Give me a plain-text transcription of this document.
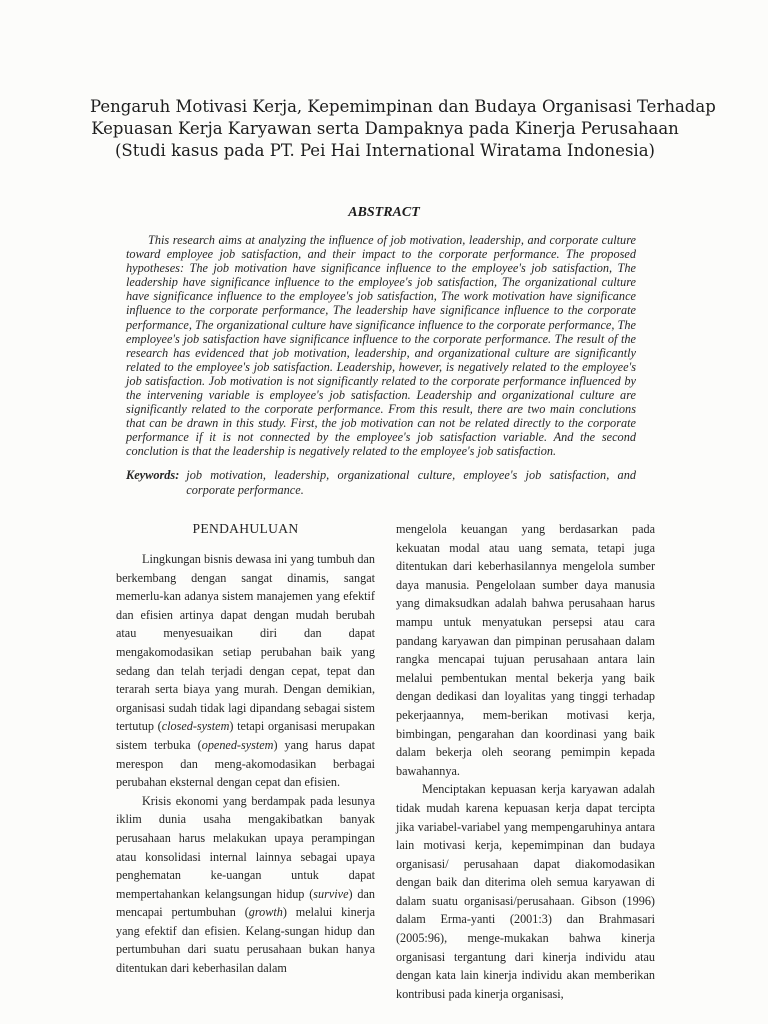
Pengaruh Motivasi Kerja, Kepemimpinan dan Budaya Organisasi Terhadap
Kepuasan Kerja Karyawan serta Dampaknya pada Kinerja Perusahaan
(Studi kasus pada PT. Pei Hai International Wiratama Indonesia)
ABSTRACT

This research aims at analyzing the influence of job motivation, leadership, and corporate culture toward employee job satisfaction, and their impact to the corporate performance. The proposed hypotheses: The job motivation have significance influence to the employee's job satisfaction, The leadership have significance influence to the employee's job satisfaction, The organizational culture have significance influence to the employee's job satisfaction, The work motivation have significance influence to the corporate performance, The leadership have significance influence to the corporate performance, The organizational culture have significance influence to the corporate performance, The employee's job satisfaction have significance influence to the corporate performance. The result of the research has evidenced that job motivation, leadership, and organizational culture are significantly related to the employee's job satisfaction. Leadership, however, is negatively related to the employee's job satisfaction. Job motivation is not significantly related to the corporate performance influenced by the intervening variable is employee's job satisfaction. Leadership and organizational culture are significantly related to the corporate performance. From this result, there are two main conclutions that can be drawn in this study. First, the job motivation can not be related directly to the corporate performance if it is not connected by the employee's job satisfaction variable. And the second conclution is that the leadership is negatively related to the employee's job satisfaction.

Keywords: job motivation, leadership, organizational culture, employee's job satisfaction, and corporate performance.
PENDAHULUAN

Lingkungan bisnis dewasa ini yang tumbuh dan berkembang dengan sangat dinamis, sangat memerlu-kan adanya sistem manajemen yang efektif dan efisien artinya dapat dengan mudah berubah atau menyesuaikan diri dan dapat mengakomodasikan setiap perubahan baik yang sedang dan telah terjadi dengan cepat, tepat dan terarah serta biaya yang murah. Dengan demikian, organisasi sudah tidak lagi dipandang sebagai sistem tertutup (closed-system) tetapi organisasi merupakan sistem terbuka (opened-system) yang harus dapat merespon dan meng-akomodasikan berbagai perubahan eksternal dengan cepat dan efisien.

Krisis ekonomi yang berdampak pada lesunya iklim dunia usaha mengakibatkan banyak perusahaan harus melakukan upaya perampingan atau konsolidasi internal lainnya sebagai upaya penghematan ke-uangan untuk dapat mempertahankan kelangsungan hidup (survive) dan mencapai pertumbuhan (growth) melalui kinerja yang efektif dan efisien. Kelang-sungan hidup dan pertumbuhan dari suatu perusahaan bukan hanya ditentukan dari keberhasilan dalam

mengelola keuangan yang berdasarkan pada kekuatan modal atau uang semata, tetapi juga ditentukan dari keberhasilannya mengelola sumber daya manusia. Pengelolaan sumber daya manusia yang dimaksudkan adalah bahwa perusahaan harus mampu untuk menyatukan persepsi atau cara pandang karyawan dan pimpinan perusahaan dalam rangka mencapai tujuan perusahaan antara lain melalui pembentukan mental bekerja yang baik dengan dedikasi dan loyalitas yang tinggi terhadap pekerjaannya, mem-berikan motivasi kerja, bimbingan, pengarahan dan koordinasi yang baik dalam bekerja oleh seorang pemimpin kepada bawahannya.

Menciptakan kepuasan kerja karyawan adalah tidak mudah karena kepuasan kerja dapat tercipta jika variabel-variabel yang mempengaruhinya antara lain motivasi kerja, kepemimpinan dan budaya organisasi/ perusahaan dapat diakomodasikan dengan baik dan diterima oleh semua karyawan di dalam suatu organisasi/perusahaan. Gibson (1996) dalam Erma-yanti (2001:3) dan Brahmasari (2005:96), menge-mukakan bahwa kinerja organisasi tergantung dari kinerja individu atau dengan kata lain kinerja individu akan memberikan kontribusi pada kinerja organisasi,
